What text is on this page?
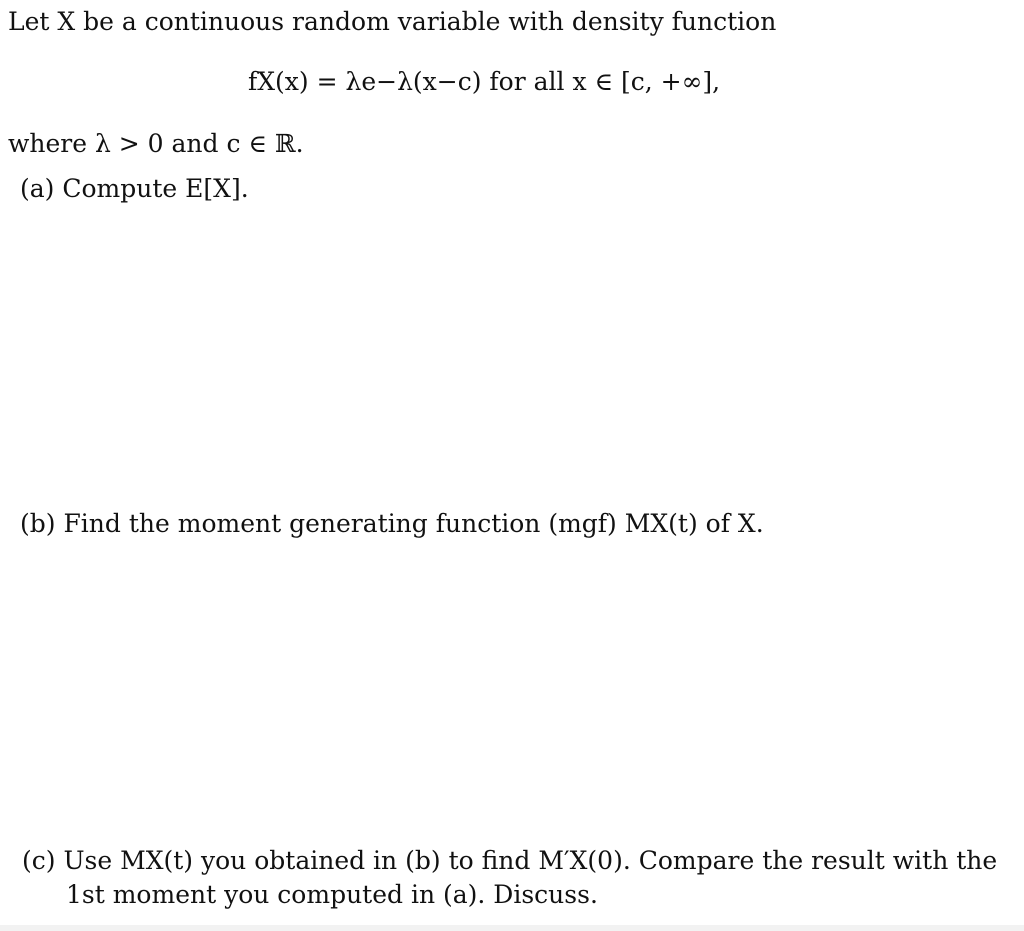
Let X be a continuous random variable with density function
fX(x) = λe−λ(x−c) for all x ∈ [c, +∞],
where λ > 0 and c ∈ ℝ.
(a) Compute E[X].
(b) Find the moment generating function (mgf) MX(t) of X.
(c) Use MX(t) you obtained in (b) to find M′X(0). Compare the result with the
1st moment you computed in (a). Discuss.
